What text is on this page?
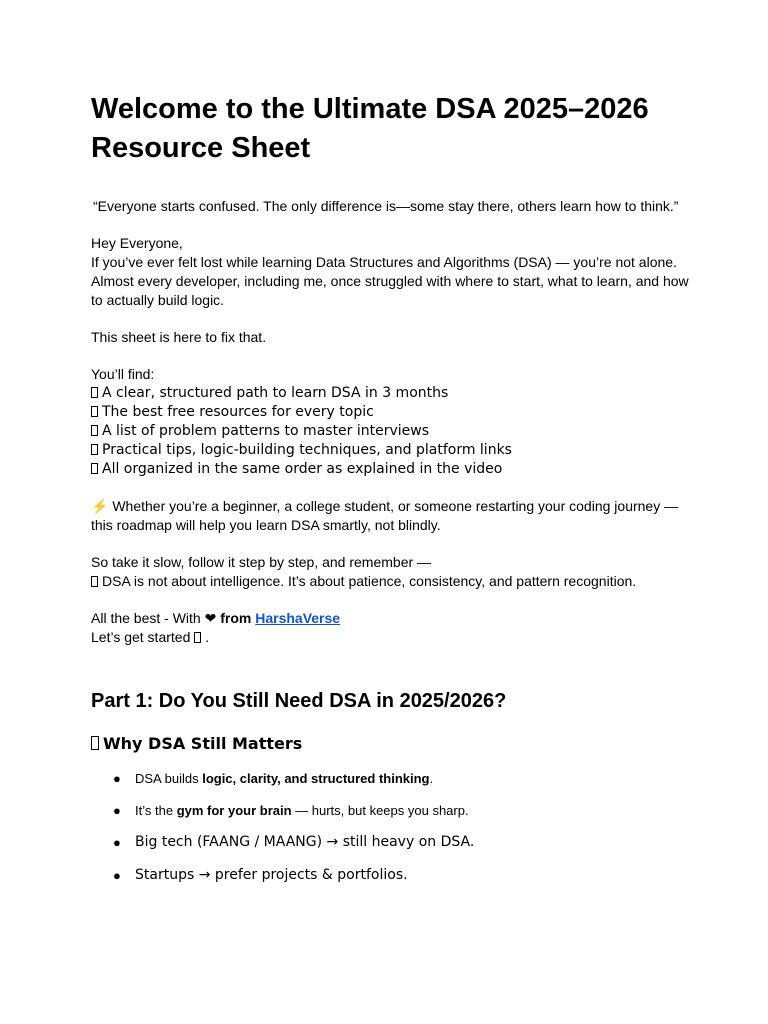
Welcome to the Ultimate DSA 2025–2026 Resource Sheet

“Everyone starts confused. The only difference is—some stay there, others learn how to think.”

Hey Everyone,
If you’ve ever felt lost while learning Data Structures and Algorithms (DSA) — you’re not alone.
Almost every developer, including me, once struggled with where to start, what to learn, and how to actually build logic.

This sheet is here to fix that.

You’ll find:

A clear, structured path to learn DSA in 3 months
The best free resources for every topic
A list of problem patterns to master interviews
Practical tips, logic-building techniques, and platform links
All organized in the same order as explained in the video

⚡ Whether you’re a beginner, a college student, or someone restarting your coding journey — this roadmap will help you learn DSA smartly, not blindly.

So take it slow, follow it step by step, and remember —
DSA is not about intelligence. It’s about patience, consistency, and pattern recognition.

All the best - With ❤ from HarshaVerse
Let’s get started .

Part 1: Do You Still Need DSA in 2025/2026?
Why DSA Still Matters
● DSA builds logic, clarity, and structured thinking.
● It’s the gym for your brain — hurts, but keeps you sharp.
● Big tech (FAANG / MAANG) → still heavy on DSA.
● Startups → prefer projects & portfolios.
